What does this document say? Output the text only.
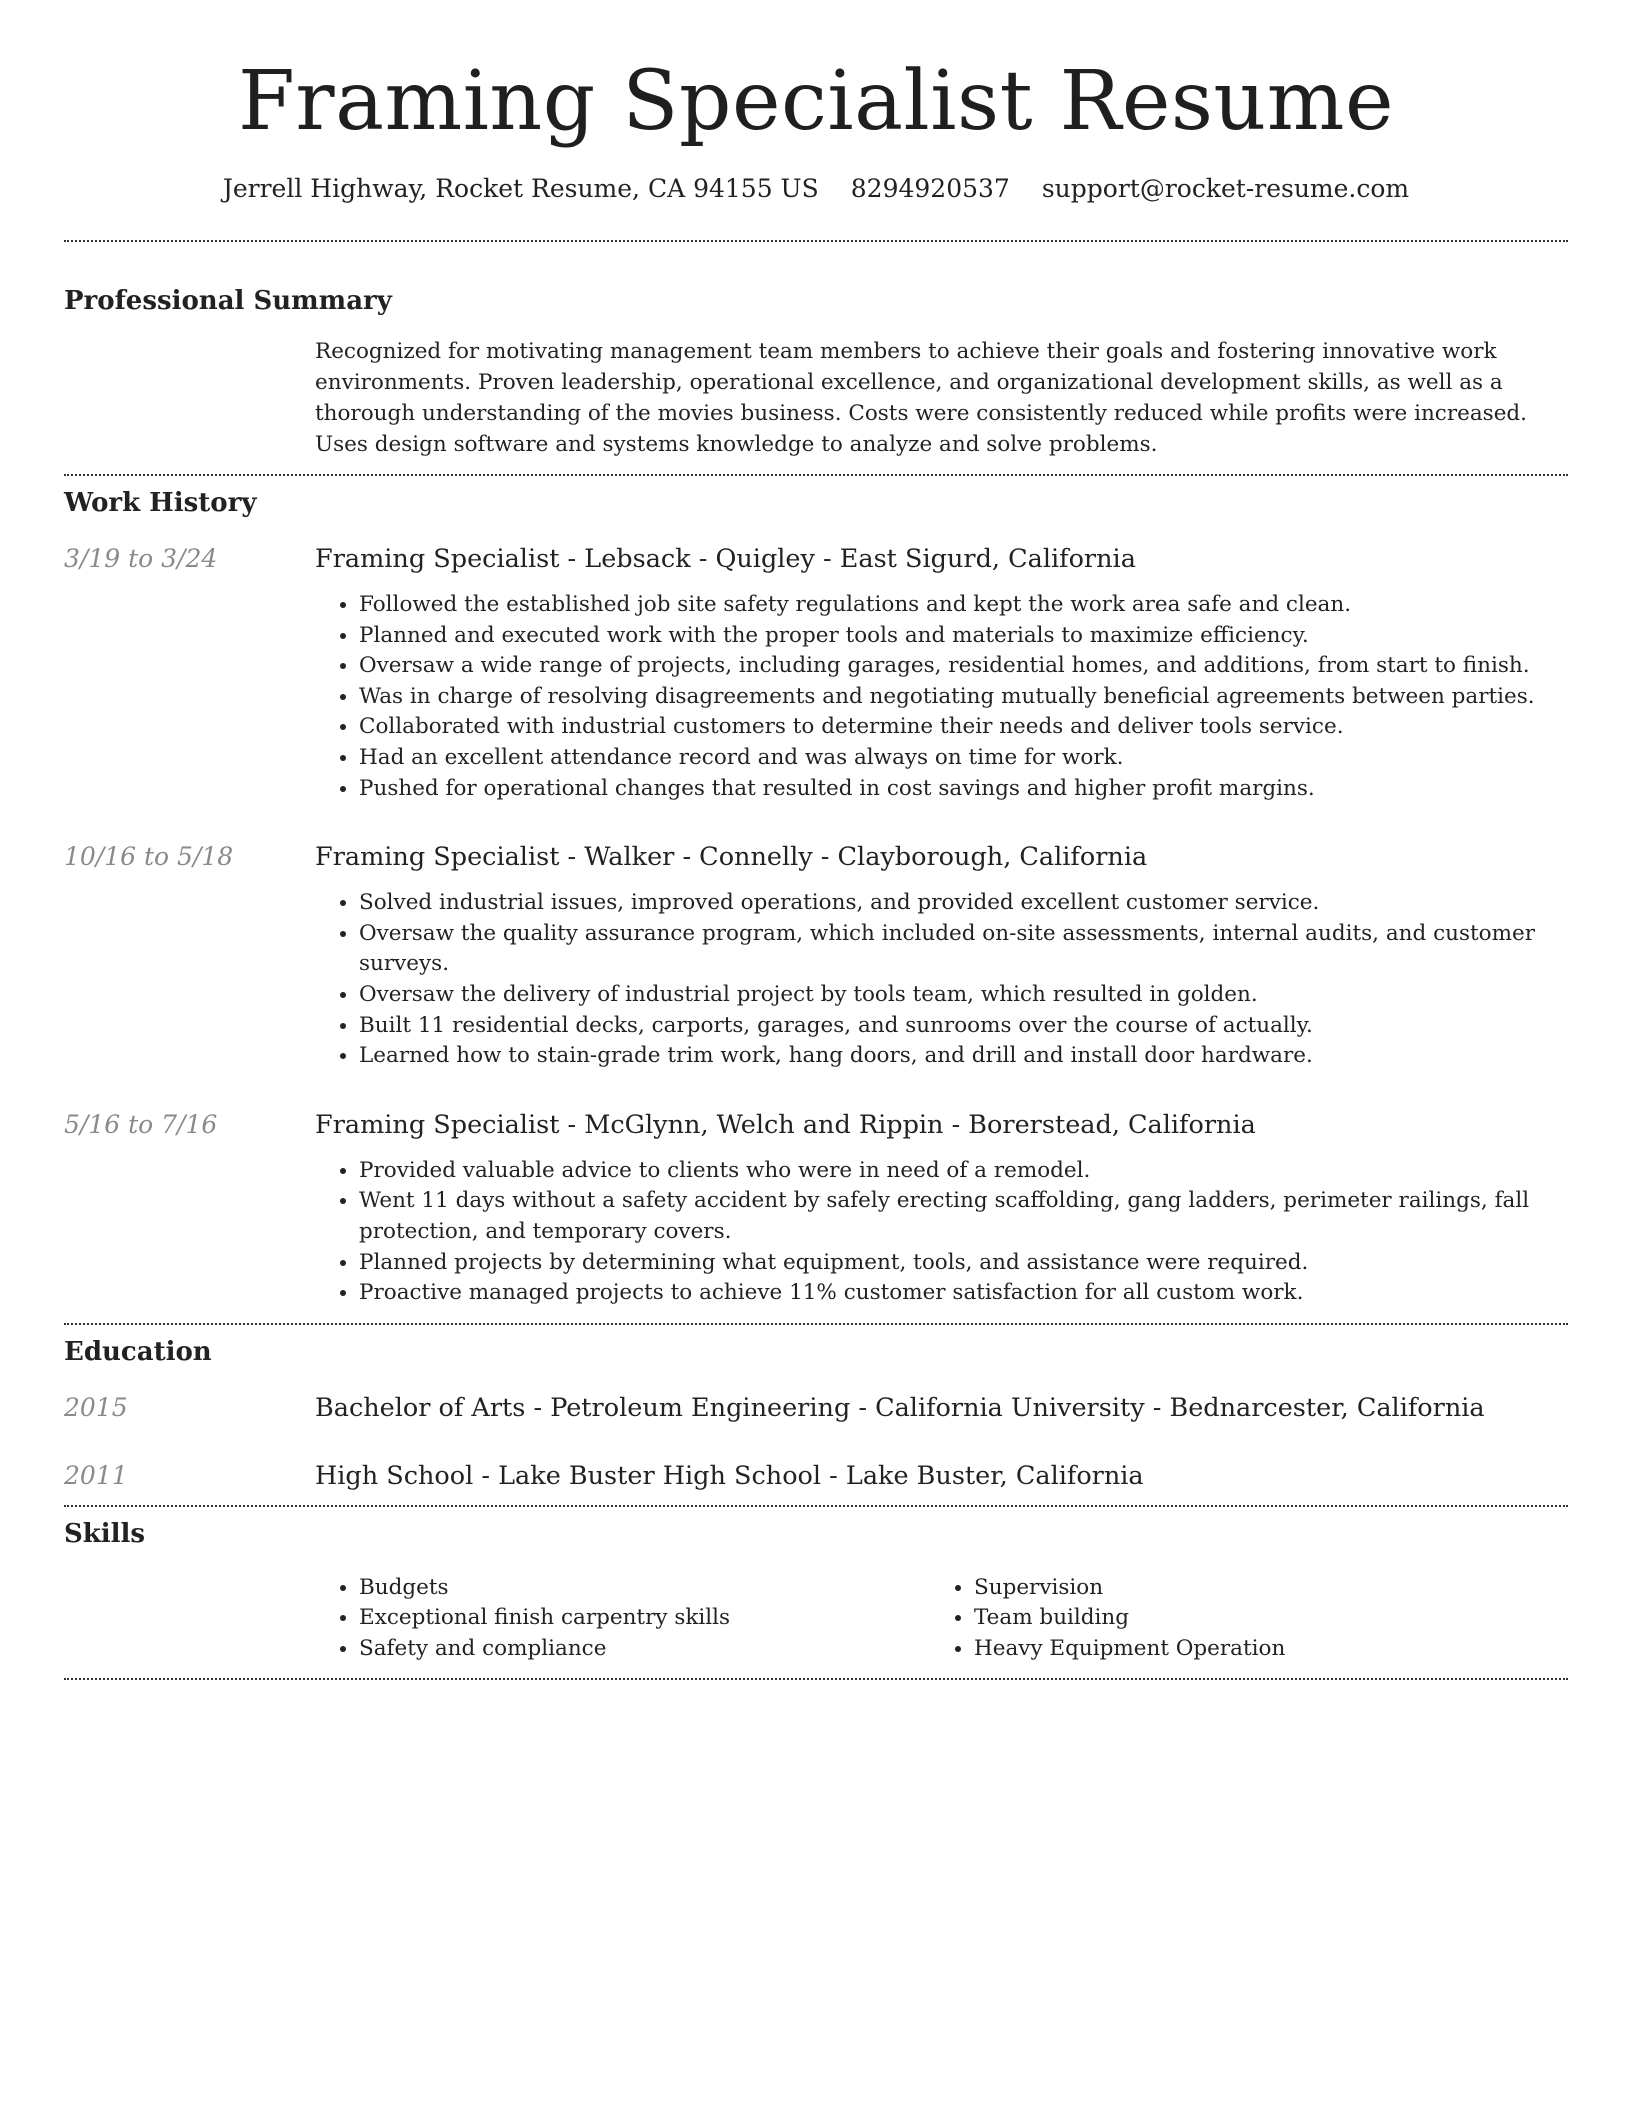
Framing Specialist Resume
Jerrell Highway, Rocket Resume, CA 94155 US 8294920537 support@rocket-resume.com
Professional Summary

Recognized for motivating management team members to achieve their goals and fostering innovative work environments. Proven leadership, operational excellence, and organizational development skills, as well as a thorough understanding of the movies business. Costs were consistently reduced while profits were increased. Uses design software and systems knowledge to analyze and solve problems.

Work History
3/19 to 3/24	Framing Specialist - Lebsack - Quigley - East Sigurd, California
• Followed the established job site safety regulations and kept the work area safe and clean.
• Planned and executed work with the proper tools and materials to maximize efficiency.
• Oversaw a wide range of projects, including garages, residential homes, and additions, from start to finish.
• Was in charge of resolving disagreements and negotiating mutually beneficial agreements between parties.
• Collaborated with industrial customers to determine their needs and deliver tools service.
• Had an excellent attendance record and was always on time for work.
• Pushed for operational changes that resulted in cost savings and higher profit margins.
10/16 to 5/18	Framing Specialist - Walker - Connelly - Clayborough, California
• Solved industrial issues, improved operations, and provided excellent customer service.
• Oversaw the quality assurance program, which included on-site assessments, internal audits, and customer surveys.
• Oversaw the delivery of industrial project by tools team, which resulted in golden.
• Built 11 residential decks, carports, garages, and sunrooms over the course of actually.
• Learned how to stain-grade trim work, hang doors, and drill and install door hardware.
5/16 to 7/16	Framing Specialist - McGlynn, Welch and Rippin - Borerstead, California
• Provided valuable advice to clients who were in need of a remodel.
• Went 11 days without a safety accident by safely erecting scaffolding, gang ladders, perimeter railings, fall protection, and temporary covers.
• Planned projects by determining what equipment, tools, and assistance were required.
• Proactive managed projects to achieve 11% customer satisfaction for all custom work.
Education
2015	Bachelor of Arts - Petroleum Engineering - California University - Bednarcester, California
2011	High School - Lake Buster High School - Lake Buster, California
Skills
• Budgets
• Exceptional finish carpentry skills
• Safety and compliance
• Supervision
• Team building
• Heavy Equipment Operation
